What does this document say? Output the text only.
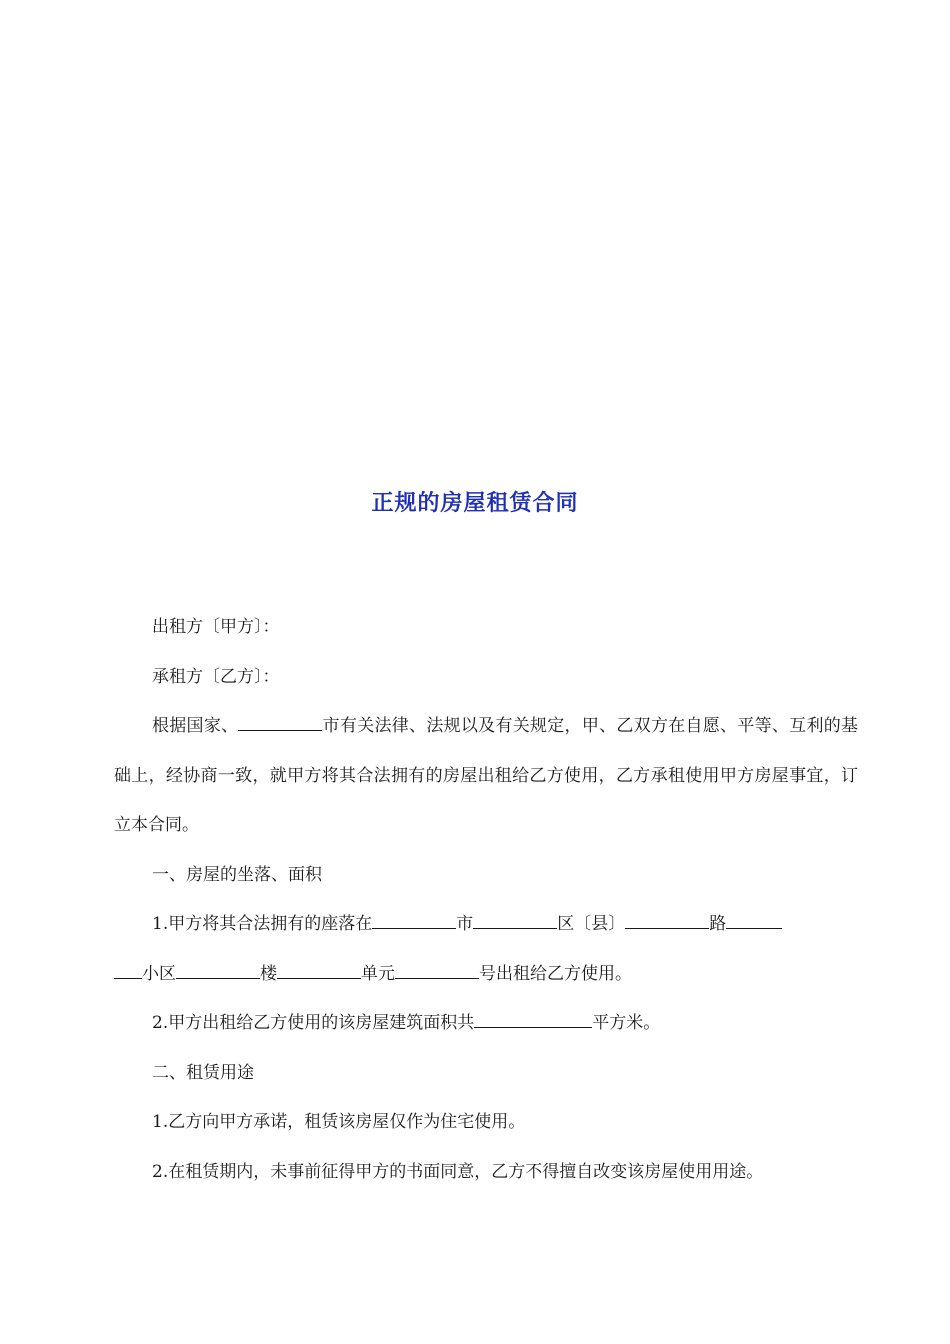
正规的房屋租赁合同

出租方〔甲方〕：

承租方〔乙方〕：

根据国家、	市有关法律、法规以及有关规定，甲、乙双方在自愿、平等、互利的基础上，经协商一致，就甲方将其合法拥有的房屋出租给乙方使用，乙方承租使用甲方房屋事宜，订立本合同。

一、房屋的坐落、面积

1.甲方将其合法拥有的座落在	市	区〔县〕	路
小区	楼	单元	号出租给乙方使用。

2.甲方出租给乙方使用的该房屋建筑面积共	平方米。

二、租赁用途

1.乙方向甲方承诺，租赁该房屋仅作为住宅使用。

2.在租赁期内，未事前征得甲方的书面同意，乙方不得擅自改变该房屋使用用途。
